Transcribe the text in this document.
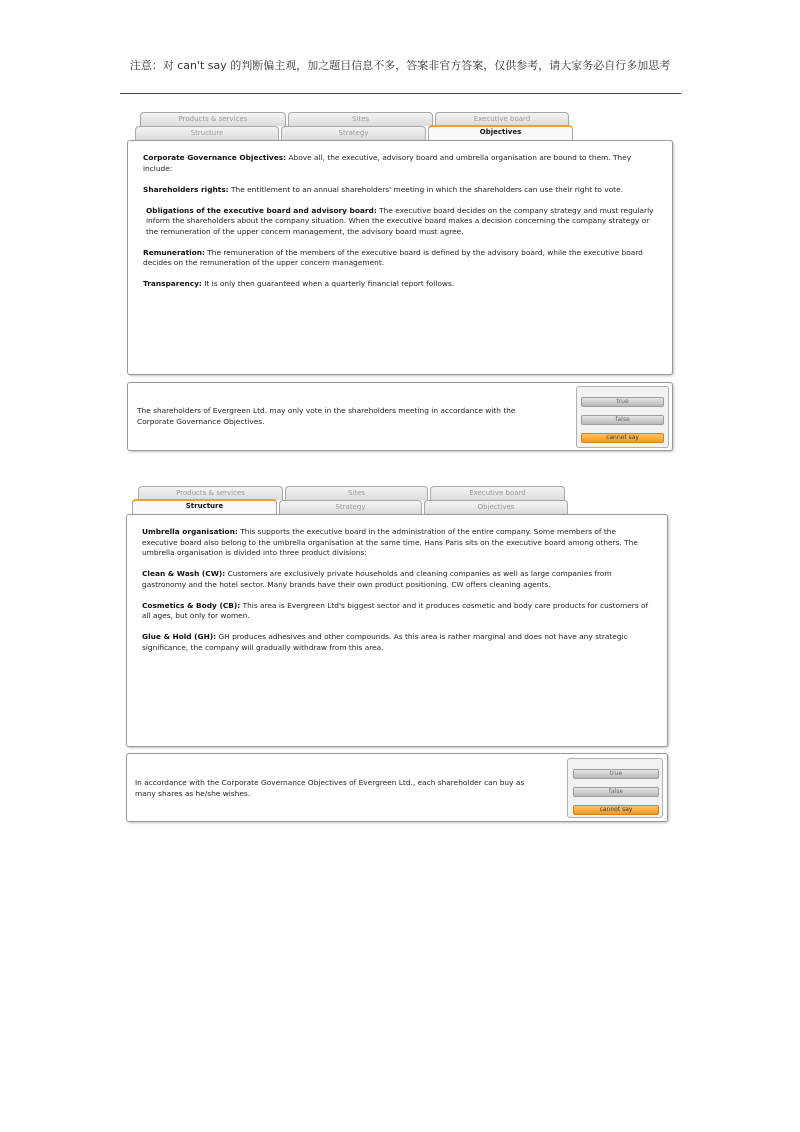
注意：对 can't say 的判断偏主观，加之题目信息不多，答案非官方答案，仅供参考，请大家务必自行多加思考
Products & services	Sites	Executive board
Structure	Strategy	Objectives

Corporate Governance Objectives: Above all, the executive, advisory board and umbrella organisation are bound to them. They include:

Shareholders rights: The entitlement to an annual shareholders' meeting in which the shareholders can use their right to vote.

Obligations of the executive board and advisory board: The executive board decides on the company strategy and must regularly inform the shareholders about the company situation. When the executive board makes a decision concerning the company strategy or the remuneration of the upper concern management, the advisory board must agree.

Remuneration: The remuneration of the members of the executive board is defined by the advisory board, while the executive board decides on the remuneration of the upper concern management.

Transparency: It is only then guaranteed when a quarterly financial report follows.

The shareholders of Evergreen Ltd. may only vote in the shareholders meeting in accordance with the Corporate Governance Objectives.
true
false
cannot say
Products & services	Sites	Executive board
Structure	Strategy	Objectives

Umbrella organisation: This supports the executive board in the administration of the entire company. Some members of the executive board also belong to the umbrella organisation at the same time. Hans Paris sits on the executive board among others. The umbrella organisation is divided into three product divisions:

Clean & Wash (CW): Customers are exclusively private households and cleaning companies as well as large companies from gastronomy and the hotel sector. Many brands have their own product positioning. CW offers cleaning agents.

Cosmetics & Body (CB): This area is Evergreen Ltd's biggest sector and it produces cosmetic and body care products for customers of all ages, but only for women.

Glue & Hold (GH): GH produces adhesives and other compounds. As this area is rather marginal and does not have any strategic significance, the company will gradually withdraw from this area.

In accordance with the Corporate Governance Objectives of Evergreen Ltd., each shareholder can buy as many shares as he/she wishes.
true
false
cannot say
